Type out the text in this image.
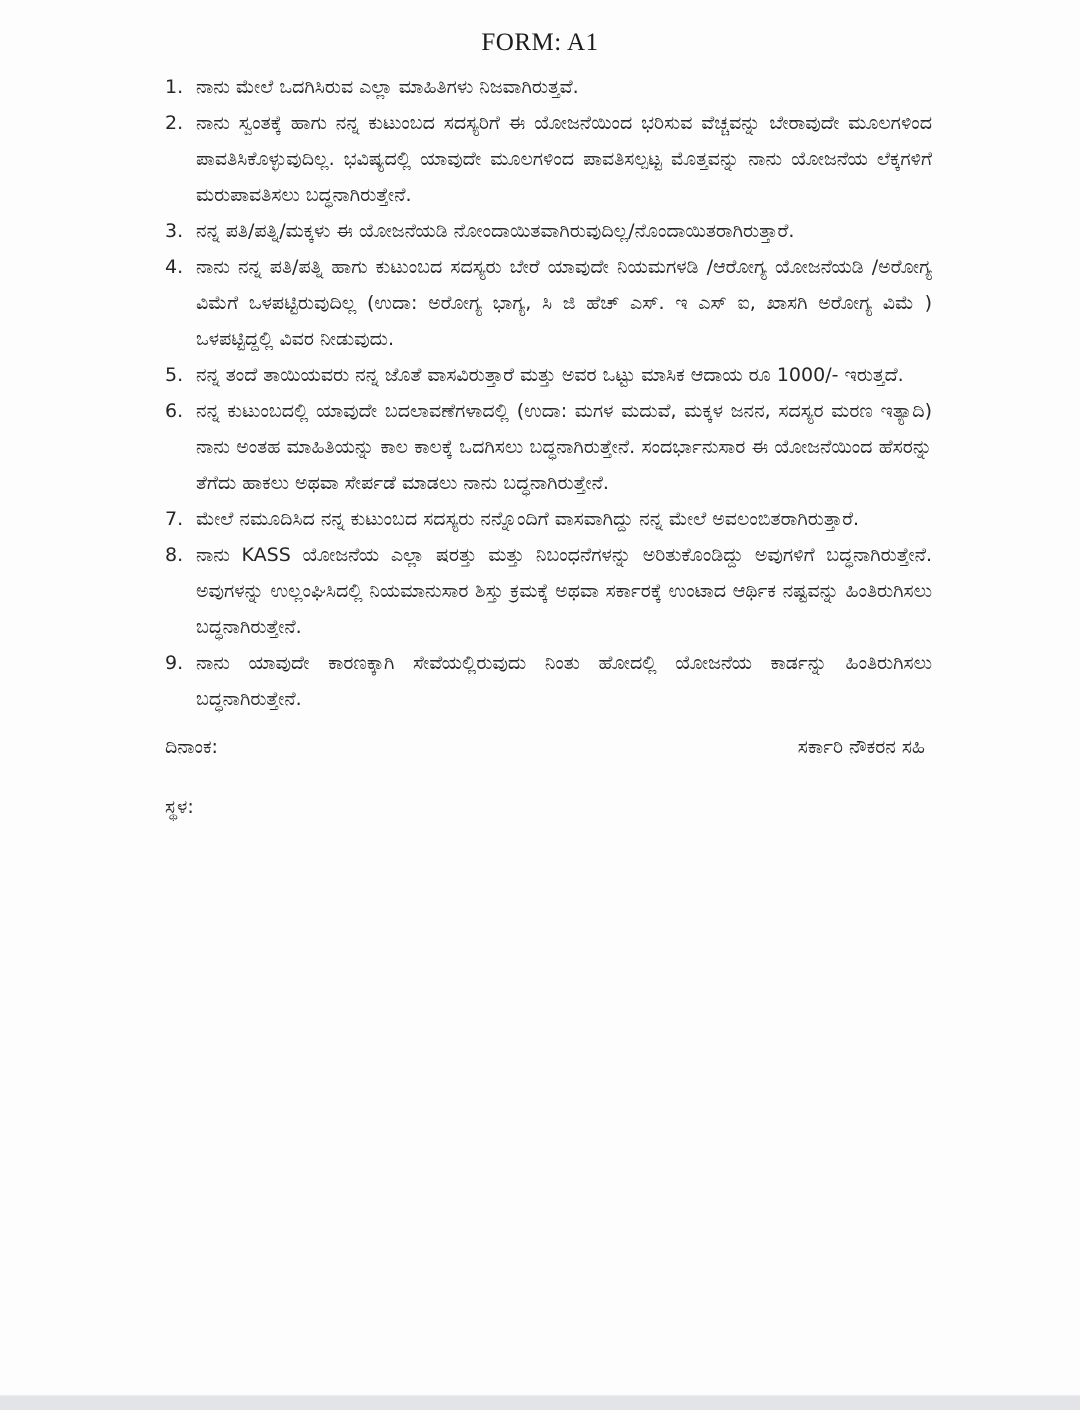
FORM: A1
1. ನಾನು ಮೇಲೆ ಒದಗಿಸಿರುವ ಎಲ್ಲಾ ಮಾಹಿತಿಗಳು ನಿಜವಾಗಿರುತ್ತವೆ.
2. ನಾನು ಸ್ವಂತಕ್ಕೆ ಹಾಗು ನನ್ನ ಕುಟುಂಬದ ಸದಸ್ಯರಿಗೆ ಈ ಯೋಜನೆಯಿಂದ ಭರಿಸುವ ವೆಚ್ಚವನ್ನು ಬೇರಾವುದೇ ಮೂಲಗಳಿಂದ ಪಾವತಿಸಿಕೊಳ್ಳುವುದಿಲ್ಲ. ಭವಿಷ್ಯದಲ್ಲಿ ಯಾವುದೇ ಮೂಲಗಳಿಂದ ಪಾವತಿಸಲ್ಪಟ್ಟ ಮೊತ್ತವನ್ನು ನಾನು ಯೋಜನೆಯ ಲೆಕ್ಕಗಳಿಗೆ ಮರುಪಾವತಿಸಲು ಬದ್ಧನಾಗಿರುತ್ತೇನೆ.
3. ನನ್ನ ಪತಿ/ಪತ್ನಿ/ಮಕ್ಕಳು ಈ ಯೋಜನೆಯಡಿ ನೋಂದಾಯಿತವಾಗಿರುವುದಿಲ್ಲ/ನೊಂದಾಯಿತರಾಗಿರುತ್ತಾರೆ.
4. ನಾನು ನನ್ನ ಪತಿ/ಪತ್ನಿ ಹಾಗು ಕುಟುಂಬದ ಸದಸ್ಯರು ಬೇರೆ ಯಾವುದೇ ನಿಯಮಗಳಡಿ /ಆರೋಗ್ಯ ಯೋಜನೆಯಡಿ /ಅರೋಗ್ಯ ವಿಮೆಗೆ ಒಳಪಟ್ಟಿರುವುದಿಲ್ಲ (ಉದಾ: ಅರೋಗ್ಯ ಭಾಗ್ಯ, ಸಿ ಜಿ ಹೆಚ್ ಎಸ್. ಇ ಎಸ್ ಐ, ಖಾಸಗಿ ಅರೋಗ್ಯ ವಿಮೆ ) ಒಳಪಟ್ಟಿದ್ದಲ್ಲಿ ವಿವರ ನೀಡುವುದು.
5. ನನ್ನ ತಂದೆ ತಾಯಿಯವರು ನನ್ನ ಜೊತೆ ವಾಸವಿರುತ್ತಾರೆ ಮತ್ತು ಅವರ ಒಟ್ಟು ಮಾಸಿಕ ಆದಾಯ ರೂ 1000/- ಇರುತ್ತದೆ.
6. ನನ್ನ ಕುಟುಂಬದಲ್ಲಿ ಯಾವುದೇ ಬದಲಾವಣೆಗಳಾದಲ್ಲಿ (ಉದಾ: ಮಗಳ ಮದುವೆ, ಮಕ್ಕಳ ಜನನ, ಸದಸ್ಯರ ಮರಣ ಇತ್ಯಾದಿ) ನಾನು ಅಂತಹ ಮಾಹಿತಿಯನ್ನು ಕಾಲ ಕಾಲಕ್ಕೆ ಒದಗಿಸಲು ಬದ್ಧನಾಗಿರುತ್ತೇನೆ. ಸಂದರ್ಭಾನುಸಾರ ಈ ಯೋಜನೆಯಿಂದ ಹೆಸರನ್ನು ತೆಗೆದು ಹಾಕಲು ಅಥವಾ ಸೇರ್ಪಡೆ ಮಾಡಲು ನಾನು ಬದ್ಧನಾಗಿರುತ್ತೇನೆ.
7. ಮೇಲೆ ನಮೂದಿಸಿದ ನನ್ನ ಕುಟುಂಬದ ಸದಸ್ಯರು ನನ್ನೊಂದಿಗೆ ವಾಸವಾಗಿದ್ದು ನನ್ನ ಮೇಲೆ ಅವಲಂಬಿತರಾಗಿರುತ್ತಾರೆ.
8. ನಾನು KASS ಯೋಜನೆಯ ಎಲ್ಲಾ ಷರತ್ತು ಮತ್ತು ನಿಬಂಧನೆಗಳನ್ನು ಅರಿತುಕೊಂಡಿದ್ದು ಅವುಗಳಿಗೆ ಬದ್ಧನಾಗಿರುತ್ತೇನೆ. ಅವುಗಳನ್ನು ಉಲ್ಲಂಘಿಸಿದಲ್ಲಿ ನಿಯಮಾನುಸಾರ ಶಿಸ್ತು ಕ್ರಮಕ್ಕೆ ಅಥವಾ ಸರ್ಕಾರಕ್ಕೆ ಉಂಟಾದ ಆರ್ಥಿಕ ನಷ್ಟವನ್ನು ಹಿಂತಿರುಗಿಸಲು ಬದ್ಧನಾಗಿರುತ್ತೇನೆ.
9. ನಾನು ಯಾವುದೇ ಕಾರಣಕ್ಕಾಗಿ ಸೇವೆಯಲ್ಲಿರುವುದು ನಿಂತು ಹೋದಲ್ಲಿ ಯೋಜನೆಯ ಕಾರ್ಡನ್ನು ಹಿಂತಿರುಗಿಸಲು ಬದ್ಧನಾಗಿರುತ್ತೇನೆ.
ದಿನಾಂಕ:	ಸರ್ಕಾರಿ ನೌಕರನ ಸಹಿ
ಸ್ಥಳ:
